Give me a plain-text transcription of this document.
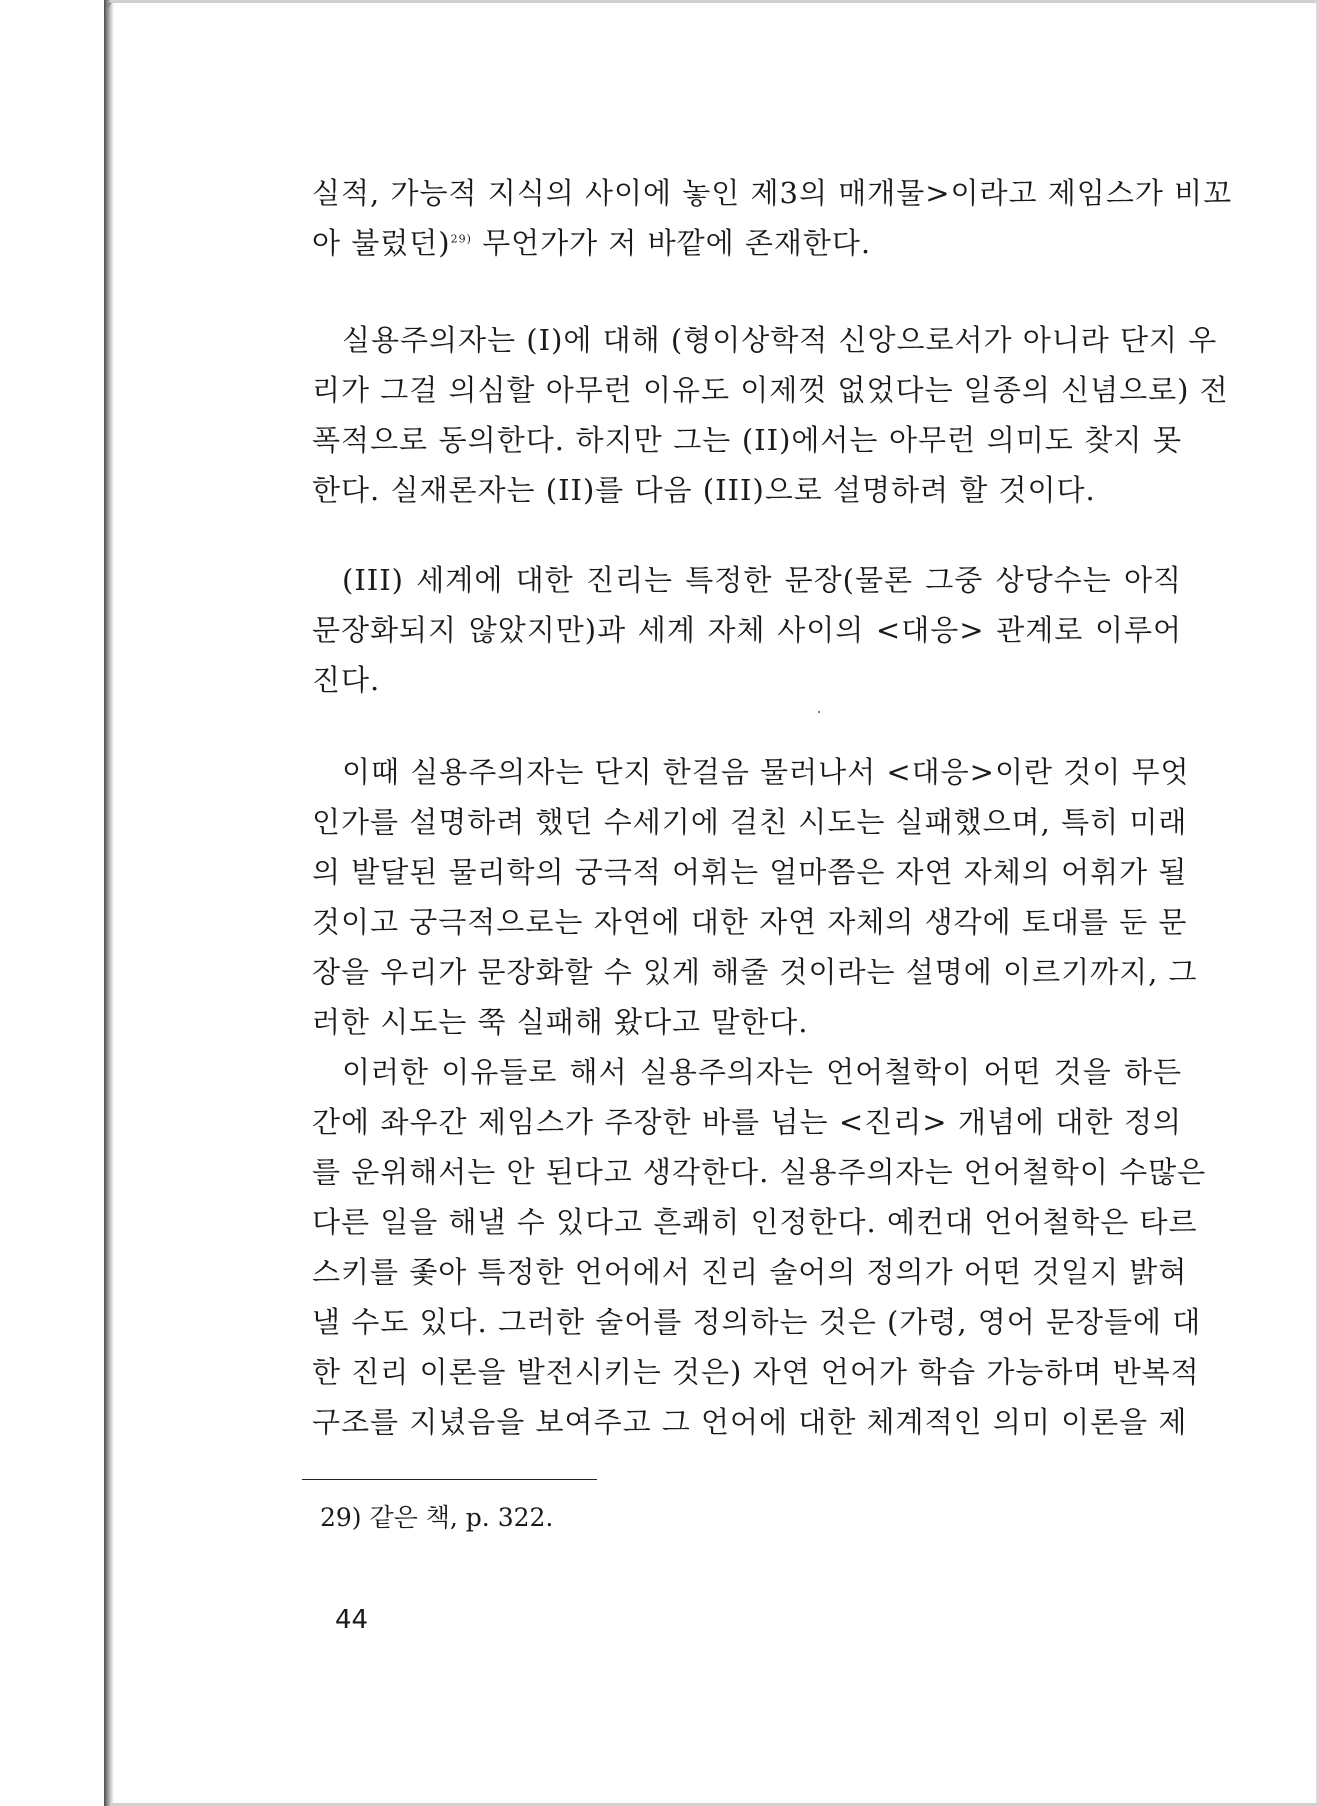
실적, 가능적 지식의 사이에 놓인 제3의 매개물>이라고 제임스가 비꼬
아 불렀던)$^{29)}$ 무언가가 저 바깥에 존재한다.
실용주의자는 (I)에 대해 (형이상학적 신앙으로서가 아니라 단지 우
리가 그걸 의심할 아무런 이유도 이제껏 없었다는 일종의 신념으로) 전
폭적으로 동의한다. 하지만 그는 (II)에서는 아무런 의미도 찾지 못
한다. 실재론자는 (II)를 다음 (III)으로 설명하려 할 것이다.
(III) 세계에 대한 진리는 특정한 문장(물론 그중 상당수는 아직
문장화되지 않았지만)과 세계 자체 사이의 <대응> 관계로 이루어
진다.
이때 실용주의자는 단지 한걸음 물러나서 <대응>이란 것이 무엇
인가를 설명하려 했던 수세기에 걸친 시도는 실패했으며, 특히 미래
의 발달된 물리학의 궁극적 어휘는 얼마쯤은 자연 자체의 어휘가 될
것이고 궁극적으로는 자연에 대한 자연 자체의 생각에 토대를 둔 문
장을 우리가 문장화할 수 있게 해줄 것이라는 설명에 이르기까지, 그
러한 시도는 쭉 실패해 왔다고 말한다.
이러한 이유들로 해서 실용주의자는 언어철학이 어떤 것을 하든
간에 좌우간 제임스가 주장한 바를 넘는 <진리> 개념에 대한 정의
를 운위해서는 안 된다고 생각한다. 실용주의자는 언어철학이 수많은
다른 일을 해낼 수 있다고 흔쾌히 인정한다. 예컨대 언어철학은 타르
스키를 좇아 특정한 언어에서 진리 술어의 정의가 어떤 것일지 밝혀
낼 수도 있다. 그러한 술어를 정의하는 것은 (가령, 영어 문장들에 대
한 진리 이론을 발전시키는 것은) 자연 언어가 학습 가능하며 반복적
구조를 지녔음을 보여주고 그 언어에 대한 체계적인 의미 이론을 제
29) 같은 책, p. 322.
44
